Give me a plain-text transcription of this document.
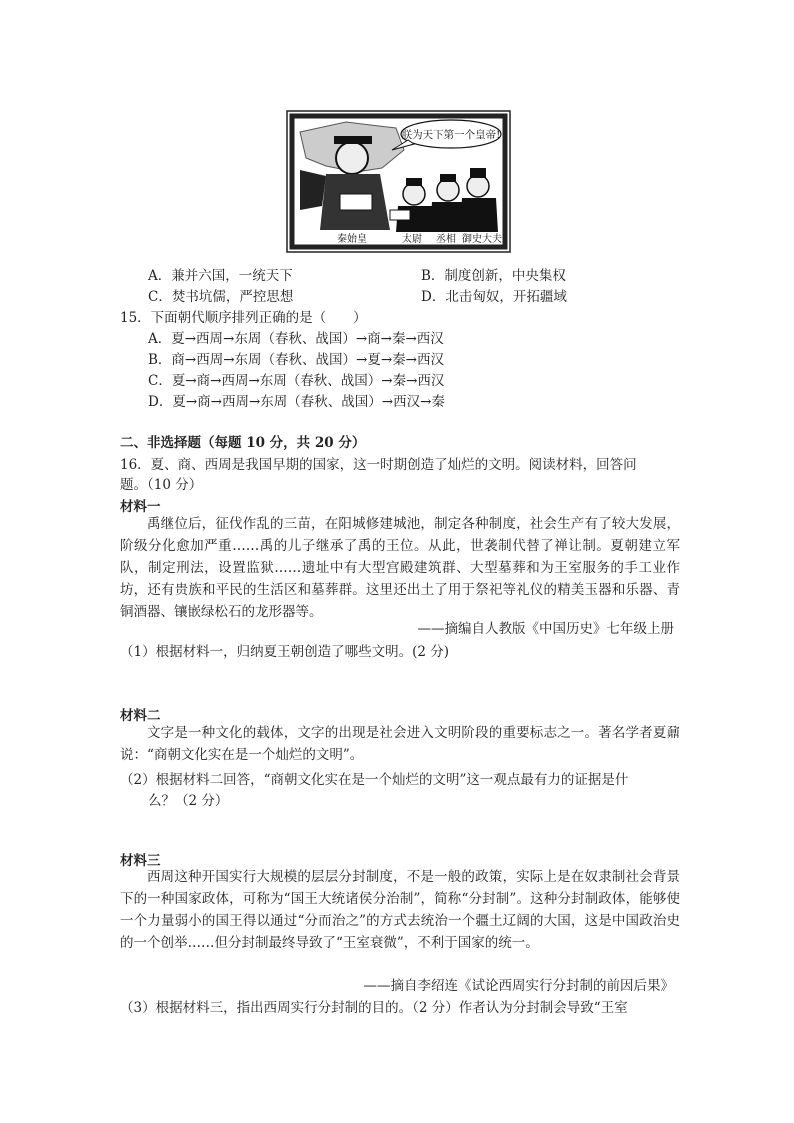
朕为天下第一个皇帝!
秦始皇	太尉 丞相 御史大夫
A．兼并六国，一统天下	B．制度创新，中央集权
C．焚书坑儒，严控思想	D．北击匈奴，开拓疆域
15．下面朝代顺序排列正确的是（　　）
A．夏→西周→东周（春秋、战国）→商→秦→西汉
B．商→西周→东周（春秋、战国）→夏→秦→西汉
C．夏→商→西周→东周（春秋、战国）→秦→西汉
D．夏→商→西周→东周（春秋、战国）→西汉→秦
二、非选择题（每题 10 分，共 20 分）
16．夏、商、西周是我国早期的国家，这一时期创造了灿烂的文明。阅读材料，回答问
题。（10 分）
材料一
禹继位后，征伐作乱的三苗，在阳城修建城池，制定各种制度，社会生产有了较大发展，阶级分化愈加严重……禹的儿子继承了禹的王位。从此，世袭制代替了禅让制。夏朝建立军队，制定刑法，设置监狱……遗址中有大型宫殿建筑群、大型墓葬和为王室服务的手工业作坊，还有贵族和平民的生活区和墓葬群。这里还出土了用于祭祀等礼仪的精美玉器和乐器、青铜酒器、镶嵌绿松石的龙形器等。
——摘编自人教版《中国历史》七年级上册
（1）根据材料一，归纳夏王朝创造了哪些文明。(2 分)
材料二
文字是一种文化的载体，文字的出现是社会进入文明阶段的重要标志之一。著名学者夏鼐说：“商朝文化实在是一个灿烂的文明”。
（2）根据材料二回答，“商朝文化实在是一个灿烂的文明”这一观点最有力的证据是什
么？（2 分）
材料三
西周这种开国实行大规模的层层分封制度，不是一般的政策，实际上是在奴隶制社会背景下的一种国家政体，可称为“国王大统诸侯分治制”，简称“分封制”。这种分封制政体，能够使一个力量弱小的国王得以通过“分而治之”的方式去统治一个疆土辽阔的大国，这是中国政治史的一个创举……但分封制最终导致了“王室衰微”，不利于国家的统一。
——摘自李绍连《试论西周实行分封制的前因后果》
（3）根据材料三，指出西周实行分封制的目的。（2 分）作者认为分封制会导致“王室
